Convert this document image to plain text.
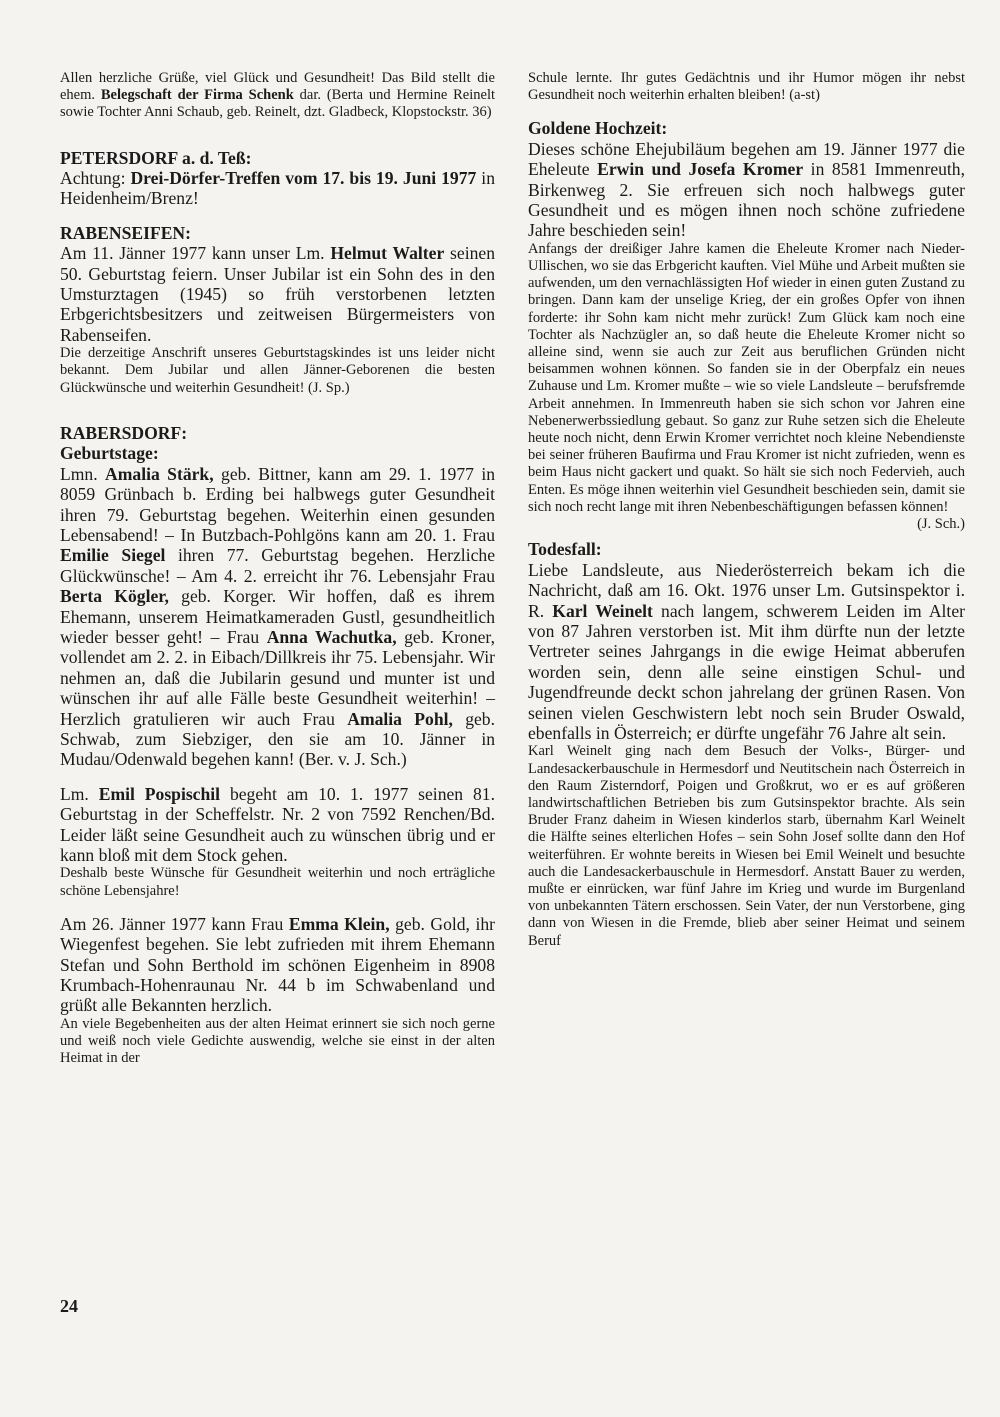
Allen herzliche Grüße, viel Glück und Gesundheit! Das Bild stellt die ehem. Belegschaft der Firma Schenk dar. (Berta und Hermine Reinelt sowie Tochter Anni Schaub, geb. Reinelt, dzt. Gladbeck, Klopstockstr. 36)

PETERSDORF a. d. Teß:

Achtung: Drei-Dörfer-Treffen vom 17. bis 19. Juni 1977 in Heidenheim/Brenz!

RABENSEIFEN:

Am 11. Jänner 1977 kann unser Lm. Helmut Walter seinen 50. Geburtstag feiern. Unser Jubilar ist ein Sohn des in den Umsturztagen (1945) so früh verstorbenen letzten Erbgerichtsbesitzers und zeitweisen Bürgermeisters von Rabenseifen.

Die derzeitige Anschrift unseres Geburtstagskindes ist uns leider nicht bekannt. Dem Jubilar und allen Jänner-Geborenen die besten Glückwünsche und weiterhin Gesundheit! (J. Sp.)

RABERSDORF:
Geburtstage:

Lmn. Amalia Stärk, geb. Bittner, kann am 29. 1. 1977 in 8059 Grünbach b. Erding bei halbwegs guter Gesundheit ihren 79. Geburtstag begehen. Weiterhin einen gesunden Lebensabend! – In Butzbach-Pohlgöns kann am 20. 1. Frau Emilie Siegel ihren 77. Geburtstag begehen. Herzliche Glückwünsche! – Am 4. 2. erreicht ihr 76. Lebensjahr Frau Berta Kögler, geb. Korger. Wir hoffen, daß es ihrem Ehemann, unserem Heimatkameraden Gustl, gesundheitlich wieder besser geht! – Frau Anna Wachutka, geb. Kroner, vollendet am 2. 2. in Eibach/Dillkreis ihr 75. Lebensjahr. Wir nehmen an, daß die Jubilarin gesund und munter ist und wünschen ihr auf alle Fälle beste Gesundheit weiterhin! – Herzlich gratulieren wir auch Frau Amalia Pohl, geb. Schwab, zum Siebziger, den sie am 10. Jänner in Mudau/Odenwald begehen kann! (Ber. v. J. Sch.)

Lm. Emil Pospischil begeht am 10. 1. 1977 seinen 81. Geburtstag in der Scheffelstr. Nr. 2 von 7592 Renchen/Bd. Leider läßt seine Gesundheit auch zu wünschen übrig und er kann bloß mit dem Stock gehen.

Deshalb beste Wünsche für Gesundheit weiterhin und noch erträgliche schöne Lebensjahre!

Am 26. Jänner 1977 kann Frau Emma Klein, geb. Gold, ihr Wiegenfest begehen. Sie lebt zufrieden mit ihrem Ehemann Stefan und Sohn Berthold im schönen Eigenheim in 8908 Krumbach-Hohenraunau Nr. 44 b im Schwabenland und grüßt alle Bekannten herzlich.

An viele Begebenheiten aus der alten Heimat erinnert sie sich noch gerne und weiß noch viele Gedichte auswendig, welche sie einst in der alten Heimat in der

Schule lernte. Ihr gutes Gedächtnis und ihr Humor mögen ihr nebst Gesundheit noch weiterhin erhalten bleiben! (a-st)

Goldene Hochzeit:

Dieses schöne Ehejubiläum begehen am 19. Jänner 1977 die Eheleute Erwin und Josefa Kromer in 8581 Immenreuth, Birkenweg 2. Sie erfreuen sich noch halbwegs guter Gesundheit und es mögen ihnen noch schöne zufriedene Jahre beschieden sein!

Anfangs der dreißiger Jahre kamen die Eheleute Kromer nach Nieder-Ullischen, wo sie das Erbgericht kauften. Viel Mühe und Arbeit mußten sie aufwenden, um den vernachlässigten Hof wieder in einen guten Zustand zu bringen. Dann kam der unselige Krieg, der ein großes Opfer von ihnen forderte: ihr Sohn kam nicht mehr zurück! Zum Glück kam noch eine Tochter als Nachzügler an, so daß heute die Eheleute Kromer nicht so alleine sind, wenn sie auch zur Zeit aus beruflichen Gründen nicht beisammen wohnen können. So fanden sie in der Oberpfalz ein neues Zuhause und Lm. Kromer mußte – wie so viele Landsleute – berufsfremde Arbeit annehmen. In Immenreuth haben sie sich schon vor Jahren eine Nebenerwerbssiedlung gebaut. So ganz zur Ruhe setzen sich die Eheleute heute noch nicht, denn Erwin Kromer verrichtet noch kleine Nebendienste bei seiner früheren Baufirma und Frau Kromer ist nicht zufrieden, wenn es beim Haus nicht gackert und quakt. So hält sie sich noch Federvieh, auch Enten. Es möge ihnen weiterhin viel Gesundheit beschieden sein, damit sie sich noch recht lange mit ihren Nebenbeschäftigungen befassen können!

(J. Sch.)

Todesfall:

Liebe Landsleute, aus Niederösterreich bekam ich die Nachricht, daß am 16. Okt. 1976 unser Lm. Gutsinspektor i. R. Karl Weinelt nach langem, schwerem Leiden im Alter von 87 Jahren verstorben ist. Mit ihm dürfte nun der letzte Vertreter seines Jahrgangs in die ewige Heimat abberufen worden sein, denn alle seine einstigen Schul- und Jugendfreunde deckt schon jahrelang der grünen Rasen. Von seinen vielen Geschwistern lebt noch sein Bruder Oswald, ebenfalls in Österreich; er dürfte ungefähr 76 Jahre alt sein.

Karl Weinelt ging nach dem Besuch der Volks-, Bürger- und Landesackerbauschule in Hermesdorf und Neutitschein nach Österreich in den Raum Zisterndorf, Poigen und Großkrut, wo er es auf größeren landwirtschaftlichen Betrieben bis zum Gutsinspektor brachte. Als sein Bruder Franz daheim in Wiesen kinderlos starb, übernahm Karl Weinelt die Hälfte seines elterlichen Hofes – sein Sohn Josef sollte dann den Hof weiterführen. Er wohnte bereits in Wiesen bei Emil Weinelt und besuchte auch die Landesackerbauschule in Hermesdorf. Anstatt Bauer zu werden, mußte er einrücken, war fünf Jahre im Krieg und wurde im Burgenland von unbekannten Tätern erschossen. Sein Vater, der nun Verstorbene, ging dann von Wiesen in die Fremde, blieb aber seiner Heimat und seinem Beruf

24
